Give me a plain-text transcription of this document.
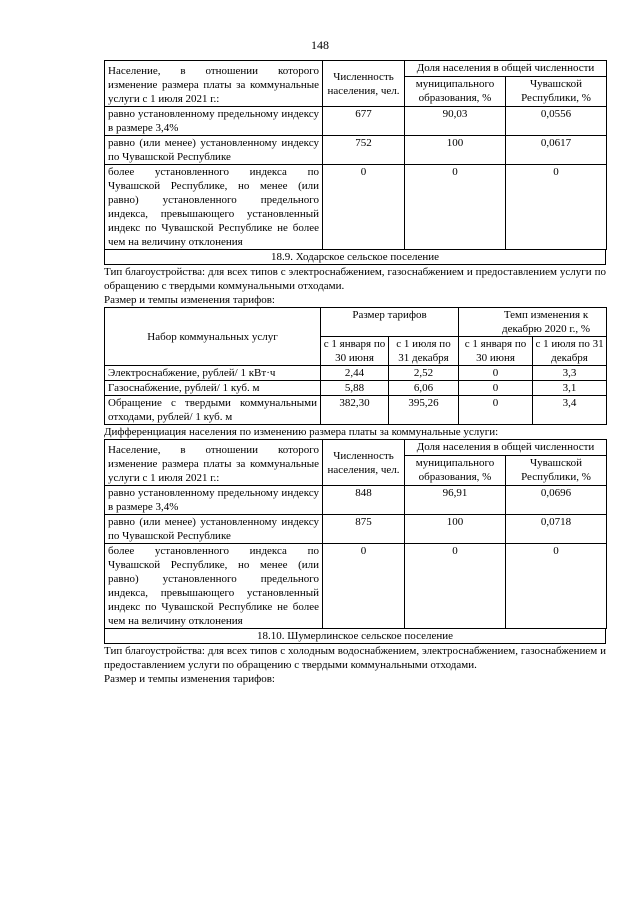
148
Население, в отношении которого изменение размера платы за коммунальные услуги с 1 июля 2021 г.:	Численность населения, чел.	Доля населения в общей численности	
		муниципального образования, %	Чувашской Республики, %
равно установленному предельному индексу в размере 3,4%	677	90,03	0,0556
равно (или менее) установленному индексу по Чувашской Республике	752	100	0,0617
более установленного индекса по Чувашской Республике, но менее (или равно) установленного предельного индекса, превышающего установленный индекс по Чувашской Республике не более чем на величину отклонения	0	0	0
18.9. Ходарское сельское поселение
Тип благоустройства: для всех типов с электроснабжением, газоснабжением и предоставлением услуги по обращению с твердыми коммунальными отходами.
Размер и темпы изменения тарифов:
Набор коммунальных услуг	Размер тарифов		Темп изменения к декабрю 2020 г., %	
	с 1 января по 30 июня	с 1 июля по 31 декабря	с 1 января по 30 июня	с 1 июля по 31 декабря
Электроснабжение, рублей/ 1 кВт·ч	2,44	2,52	0	3,3
Газоснабжение, рублей/ 1 куб. м	5,88	6,06	0	3,1
Обращение с твердыми коммунальными отходами, рублей/ 1 куб. м	382,30	395,26	0	3,4
Дифференциация населения по изменению размера платы за коммунальные услуги:
Население, в отношении которого изменение размера платы за коммунальные услуги с 1 июля 2021 г.:	Численность населения, чел.	Доля населения в общей численности	
		муниципального образования, %	Чувашской Республики, %
равно установленному предельному индексу в размере 3,4%	848	96,91	0,0696
равно (или менее) установленному индексу по Чувашской Республике	875	100	0,0718
более установленного индекса по Чувашской Республике, но менее (или равно) установленного предельного индекса, превышающего установленный индекс по Чувашской Республике не более чем на величину отклонения	0	0	0
18.10. Шумерлинское сельское поселение
Тип благоустройства: для всех типов с холодным водоснабжением, электроснабжением, газоснабжением и предоставлением услуги по обращению с твердыми коммунальными отходами.
Размер и темпы изменения тарифов:
